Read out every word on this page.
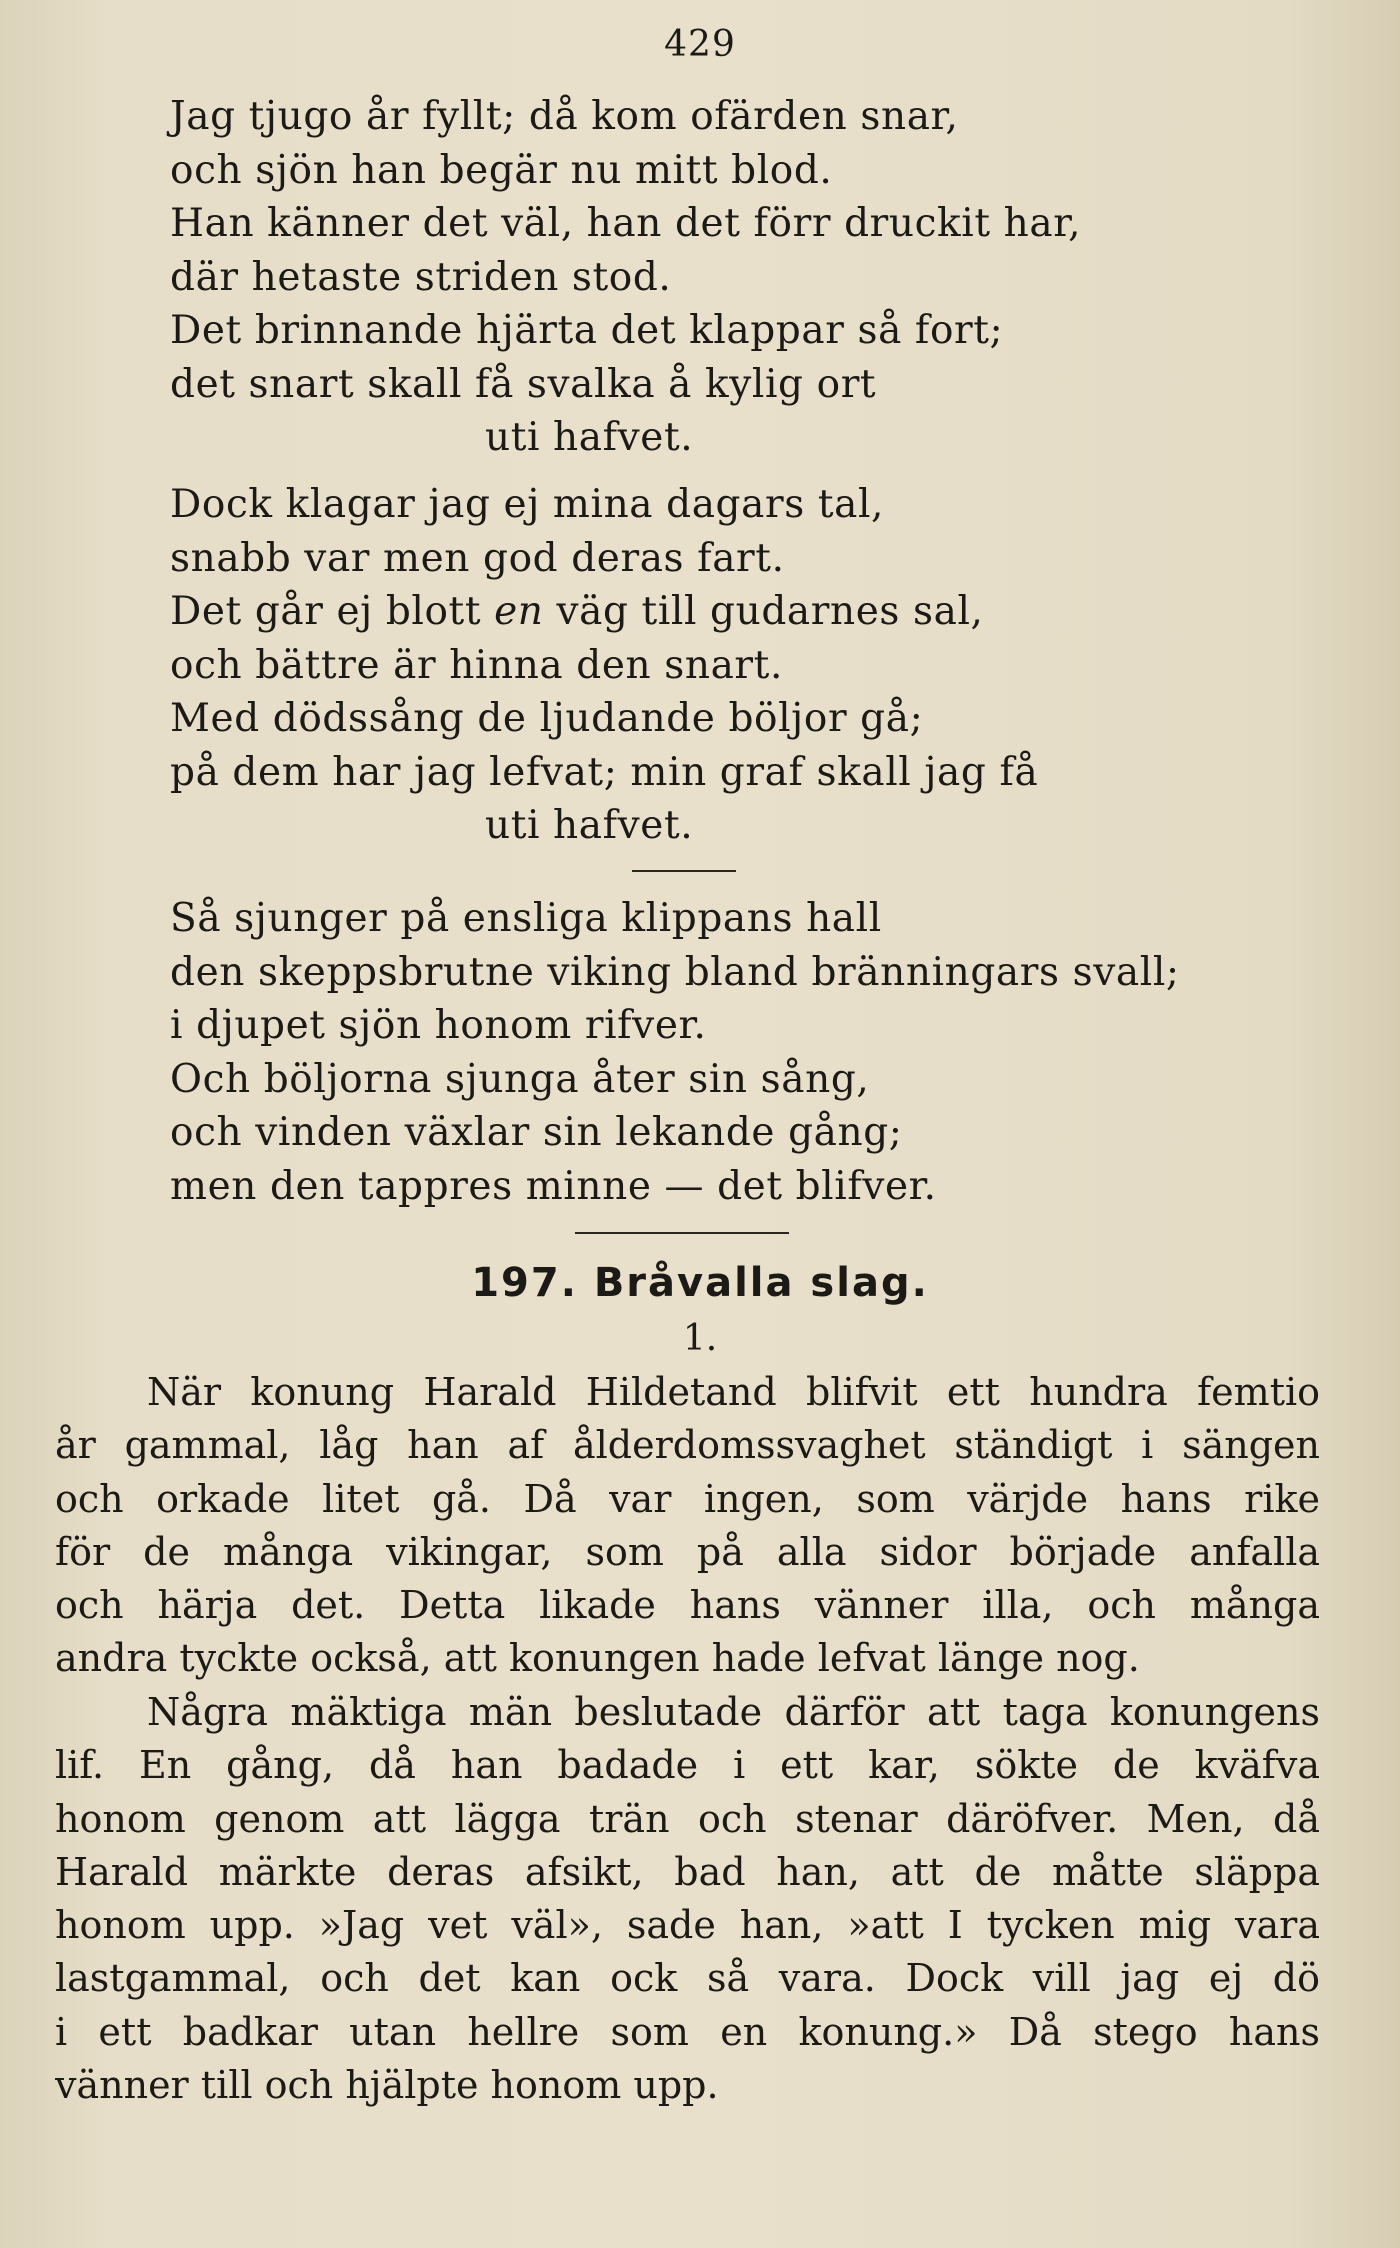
429
Jag tjugo år fyllt; då kom ofärden snar,
och sjön han begär nu mitt blod.
Han känner det väl, han det förr druckit har,
där hetaste striden stod.
Det brinnande hjärta det klappar så fort;
det snart skall få svalka å kylig ort
uti hafvet.
Dock klagar jag ej mina dagars tal,
snabb var men god deras fart.
Det går ej blott en väg till gudarnes sal,
och bättre är hinna den snart.
Med dödssång de ljudande böljor gå;
på dem har jag lefvat; min graf skall jag få
uti hafvet.
Så sjunger på ensliga klippans hall
den skeppsbrutne viking bland bränningars svall;
i djupet sjön honom rifver.
Och böljorna sjunga åter sin sång,
och vinden växlar sin lekande gång;
men den tappres minne — det blifver.
197. Bråvalla slag.
1.
När konung Harald Hildetand blifvit ett hundra femtio
år gammal, låg han af ålderdomssvaghet ständigt i sängen
och orkade litet gå. Då var ingen, som värjde hans rike
för de många vikingar, som på alla sidor började anfalla
och härja det. Detta likade hans vänner illa, och många
andra tyckte också, att konungen hade lefvat länge nog.
Några mäktiga män beslutade därför att taga konungens
lif. En gång, då han badade i ett kar, sökte de kväfva
honom genom att lägga trän och stenar däröfver. Men, då
Harald märkte deras afsikt, bad han, att de måtte släppa
honom upp. »Jag vet väl», sade han, »att I tycken mig vara
lastgammal, och det kan ock så vara. Dock vill jag ej dö
i ett badkar utan hellre som en konung.» Då stego hans
vänner till och hjälpte honom upp.
